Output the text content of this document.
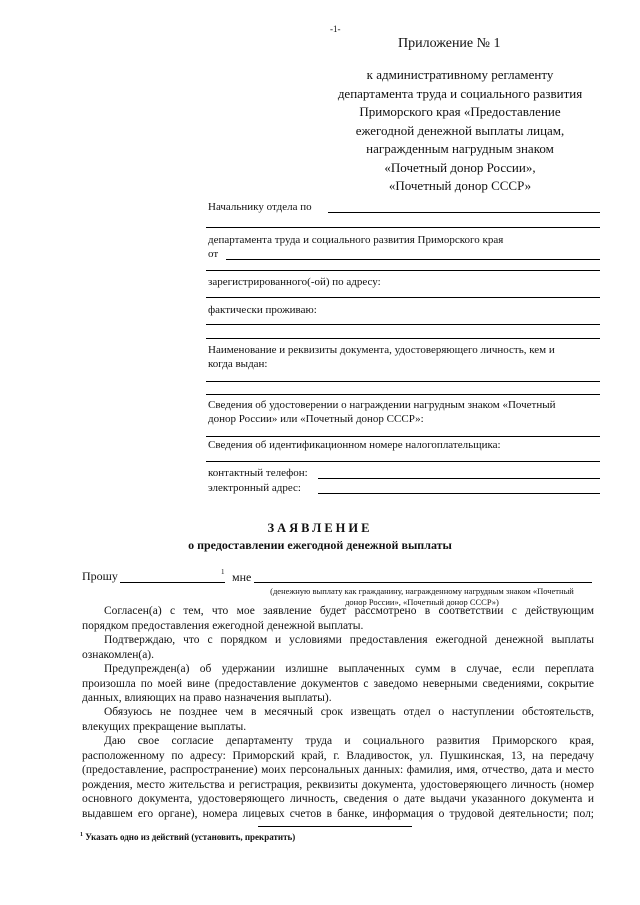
-1-
Приложение № 1
к административному регламенту
департамента труда и социального развития
Приморского края «Предоставление
ежегодной денежной выплаты лицам,
награжденным нагрудным знаком
«Почетный донор России»,
«Почетный донор СССР»
Начальнику отдела по
департамента труда и социального развития Приморского края
от
зарегистрированного(-ой) по адресу:
фактически проживаю:
Наименование и реквизиты документа, удостоверяющего личность, кем и
когда выдан:
Сведения об удостоверении о награждении нагрудным знаком «Почетный
донор России» или «Почетный донор СССР»:
Сведения об идентификационном номере налогоплательщика:
контактный телефон:
электронный адрес:
ЗАЯВЛЕНИЕ
о предоставлении ежегодной денежной выплаты
Прошу	1 мне
(денежную выплату как гражданину, награжденному нагрудным знаком «Почетный
донор России», «Почетный донор СССР»)
Согласен(а) с тем, что мое заявление будет рассмотрено в соответствии с действующим
порядком предоставления ежегодной денежной выплаты.
Подтверждаю, что с порядком и условиями предоставления ежегодной денежной выплаты
ознакомлен(а).
Предупрежден(а) об удержании излишне выплаченных сумм в случае, если переплата
произошла по моей вине (предоставление документов с заведомо неверными сведениями, сокрытие
данных, влияющих на право назначения выплаты).
Обязуюсь не позднее чем в месячный срок извещать отдел о наступлении обстоятельств,
влекущих прекращение выплаты.
Даю свое согласие департаменту труда и социального развития Приморского края,
расположенному по адресу: Приморский край, г. Владивосток, ул. Пушкинская, 13, на передачу
(предоставление, распространение) моих персональных данных: фамилия, имя, отчество, дата и место
рождения, место жительства и регистрация, реквизиты документа, удостоверяющего личность (номер
основного документа, удостоверяющего личность, сведения о дате выдачи указанного документа и
выдавшем его органе), номера лицевых счетов в банке, информация о трудовой деятельности; пол;
$^1$ Указать одно из действий (установить, прекратить)
